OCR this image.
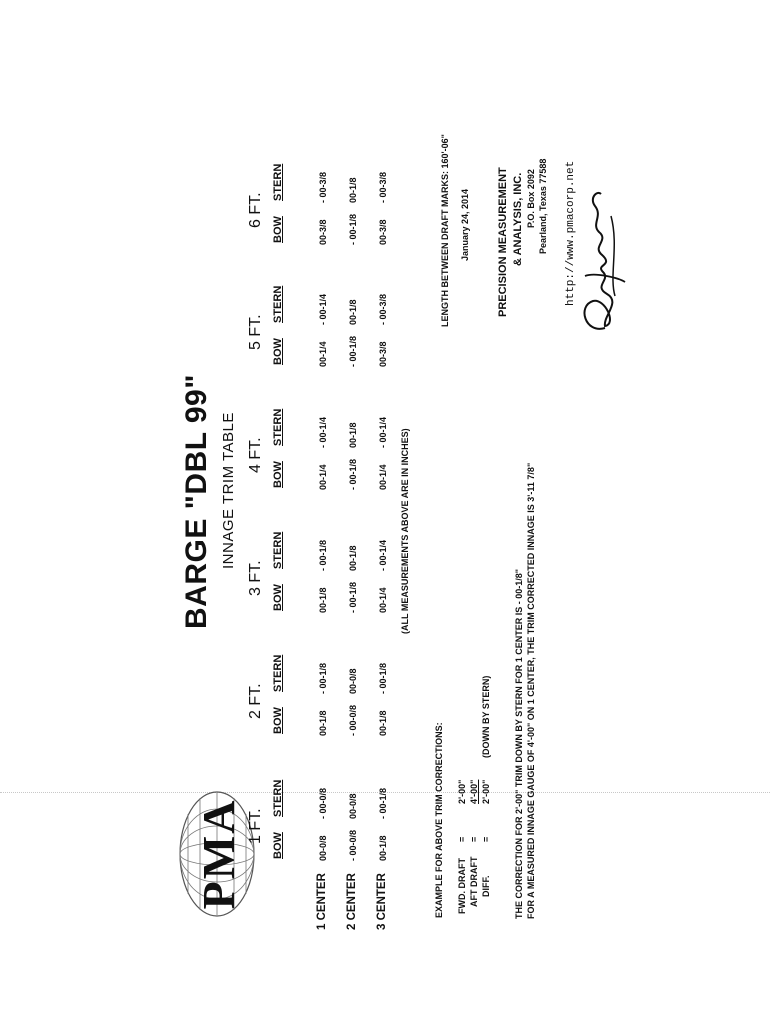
PMA
BARGE "DBL 99" INNAGE TRIM TABLE	(ALL MEASUREMENTS ABOVE ARE IN INCHES)
LENGTH BETWEEN DRAFT MARKS: 160'-06" January 24, 2014 PRECISION MEASUREMENT & ANALYSIS, INC. P.O. Box 2092 Pearland, Texas 77588 http://www.pmacorp.net
EXAMPLE FOR ABOVE TRIM CORRECTIONS: FWD. DRAFT AFT DRAFT DIFF.
= = =
2'-00" 4'-00" 2'-00"
(DOWN BY STERN)	THE CORRECTION FOR 2'-00" TRIM DOWN BY STERN FOR 1 CENTER IS - 00-1/8" FOR A MEASURED INNAGE GAUGE OF 4'-00" ON 1 CENTER, THE TRIM CORRECTED INNAGE IS 3'-11 7/8"
1 FT.
BOW
STERN
2 FT.
BOW
STERN
3 FT.
BOW
STERN
4 FT.
BOW
STERN
5 FT.
BOW
STERN
6 FT.
BOW
STERN
1 CENTER
00-0/8
- 00-0/8
00-1/8
- 00-1/8
00-1/8
- 00-1/8
00-1/4
- 00-1/4
00-1/4
- 00-1/4
00-3/8
- 00-3/8
2 CENTER
- 00-0/8
00-0/8
- 00-0/8
00-0/8
- 00-1/8
00-1/8
- 00-1/8
00-1/8
- 00-1/8
00-1/8
- 00-1/8
00-1/8
3 CENTER
00-1/8
- 00-1/8
00-1/8
- 00-1/8
00-1/4
- 00-1/4
00-1/4
- 00-1/4
00-3/8
- 00-3/8
00-3/8
- 00-3/8
